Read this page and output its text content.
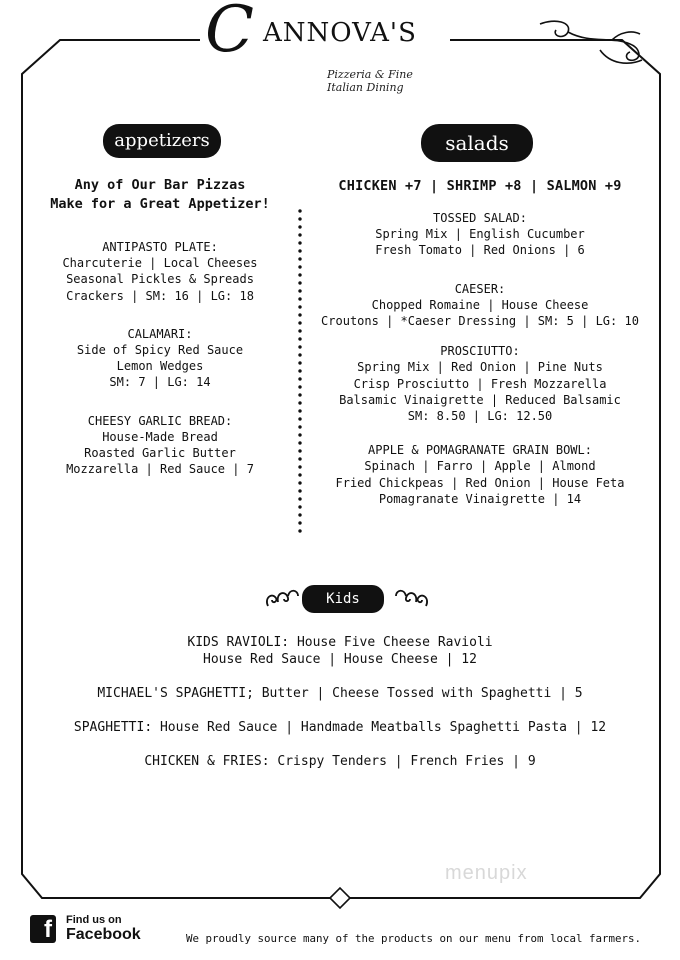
C ANNOVA'S
Pizzeria & Fine Italian Dining
appetizers	salads
Any of Our Bar Pizzas
Make for a Great Appetizer!
ANTIPASTO PLATE:
Charcuterie | Local Cheeses
Seasonal Pickles & Spreads
Crackers | SM: 16 | LG: 18
CALAMARI:
Side of Spicy Red Sauce
Lemon Wedges
SM: 7 | LG: 14
CHEESY GARLIC BREAD:
House-Made Bread
Roasted Garlic Butter
Mozzarella | Red Sauce | 7
CHICKEN +7 | SHRIMP +8 | SALMON +9
TOSSED SALAD:
Spring Mix | English Cucumber
Fresh Tomato | Red Onions | 6
CAESER:
Chopped Romaine | House Cheese
Croutons | *Caeser Dressing | SM: 5 | LG: 10
PROSCIUTTO:
Spring Mix | Red Onion | Pine Nuts
Crisp Prosciutto | Fresh Mozzarella
Balsamic Vinaigrette | Reduced Balsamic
SM: 8.50 | LG: 12.50
APPLE & POMAGRANATE GRAIN BOWL:
Spinach | Farro | Apple | Almond
Fried Chickpeas | Red Onion | House Feta
Pomagranate Vinaigrette | 14
Kids
KIDS RAVIOLI: House Five Cheese Ravioli
House Red Sauce | House Cheese | 12
MICHAEL'S SPAGHETTI; Butter | Cheese Tossed with Spaghetti | 5
SPAGHETTI: House Red Sauce | Handmade Meatballs Spaghetti Pasta | 12
CHICKEN & FRIES: Crispy Tenders | French Fries | 9
menupix
f	Find us on
Facebook	We proudly source many of the products on our menu from local farmers.
